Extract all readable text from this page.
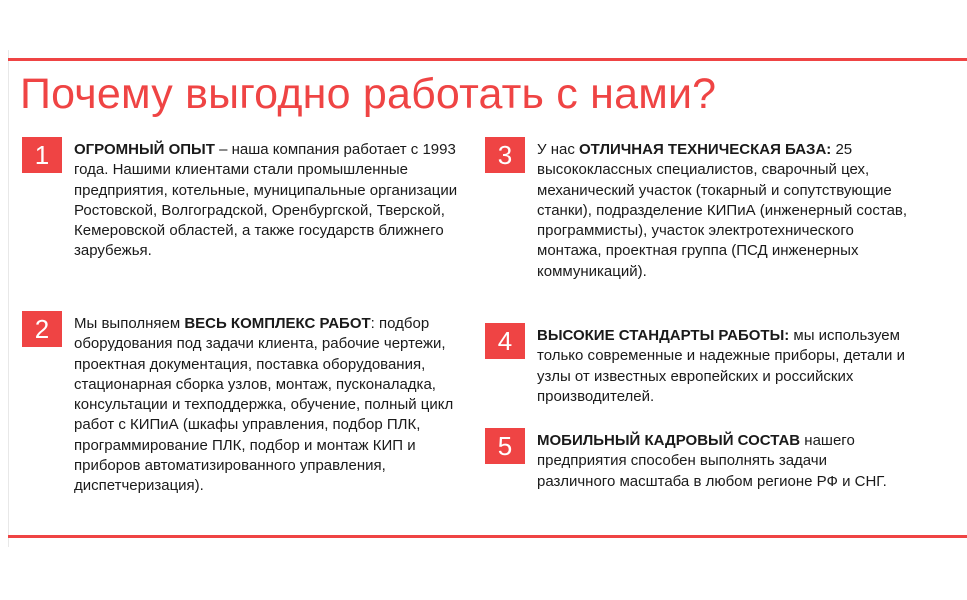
Почему выгодно работать с нами?
1	ОГРОМНЫЙ ОПЫТ – наша компания работает с 1993 года. Нашими клиентами стали промышленные предприятия, котельные, муниципальные организации Ростовской, Волгоградской, Оренбургской, Тверской, Кемеровской областей, а также государств ближнего зарубежья.

2	Мы выполняем ВЕСЬ КОМПЛЕКС РАБОТ: подбор оборудования под задачи клиента, рабочие чертежи, проектная документация, поставка оборудования, стационарная сборка узлов, монтаж, пусконаладка, консультации и техподдержка, обучение, полный цикл работ с КИПиА (шкафы управления, подбор ПЛК, программирование ПЛК, подбор и монтаж КИП и приборов автоматизированного управления, диспетчеризация).

3	У нас ОТЛИЧНАЯ ТЕХНИЧЕСКАЯ БАЗА: 25 высококлассных специалистов, сварочный цех, механический участок (токарный и сопутствующие станки), подразделение КИПиА (инженерный состав, программисты), участок электротехнического монтажа, проектная группа (ПСД инженерных коммуникаций).

4	ВЫСОКИЕ СТАНДАРТЫ РАБОТЫ: мы используем только современные и надежные приборы, детали и узлы от известных европейских и российских производителей.

5	МОБИЛЬНЫЙ КАДРОВЫЙ СОСТАВ нашего предприятия способен выполнять задачи различного масштаба в любом регионе РФ и СНГ.
